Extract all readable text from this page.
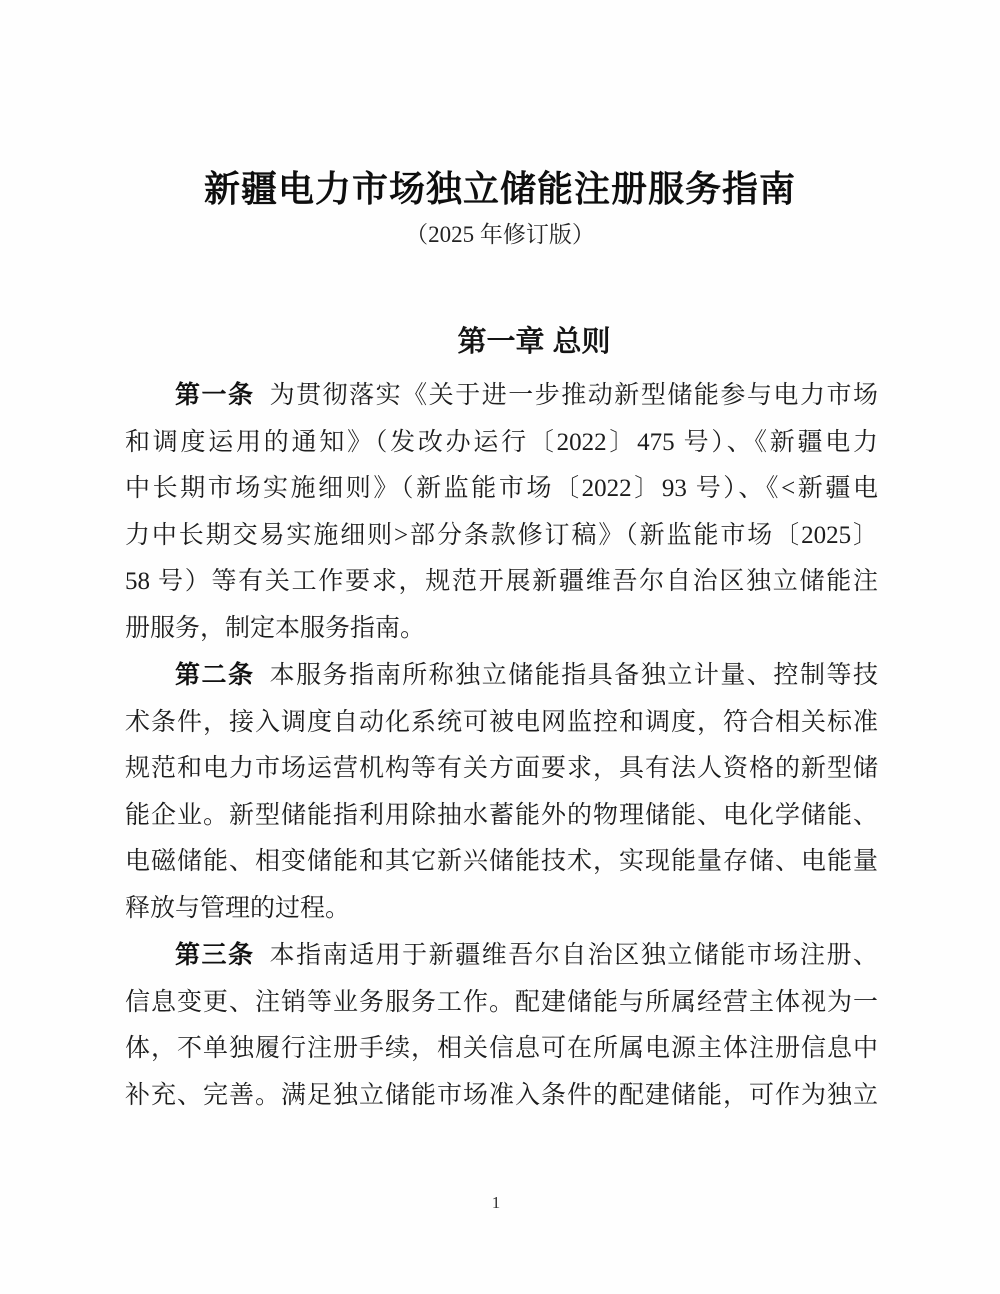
新疆电力市场独立储能注册服务指南
（2025 年修订版）
第一章 总则
第一条 为贯彻落实《关于进一步推动新型储能参与电力市场
和调度运用的通知》（发改办运行〔2022〕475 号）、《新疆电力
中长期市场实施细则》（新监能市场〔2022〕93 号）、《<新疆电
力中长期交易实施细则>部分条款修订稿》（新监能市场〔2025〕
58 号）等有关工作要求，规范开展新疆维吾尔自治区独立储能注
册服务，制定本服务指南。
第二条 本服务指南所称独立储能指具备独立计量、控制等技
术条件，接入调度自动化系统可被电网监控和调度，符合相关标准
规范和电力市场运营机构等有关方面要求，具有法人资格的新型储
能企业。新型储能指利用除抽水蓄能外的物理储能、电化学储能、
电磁储能、相变储能和其它新兴储能技术，实现能量存储、电能量
释放与管理的过程。
第三条 本指南适用于新疆维吾尔自治区独立储能市场注册、
信息变更、注销等业务服务工作。配建储能与所属经营主体视为一
体，不单独履行注册手续，相关信息可在所属电源主体注册信息中
补充、完善。满足独立储能市场准入条件的配建储能，可作为独立
1
